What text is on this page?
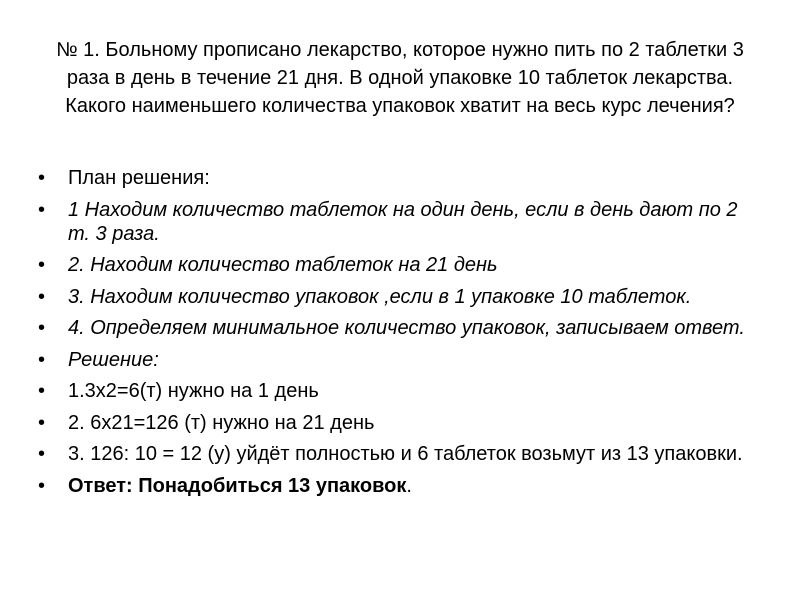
№ 1. Больному прописано лекарство, которое нужно пить по 2 таблетки 3 раза в день в течение 21 дня. В одной упаковке 10 таблеток лекарства. Какого наименьшего количества упаковок хватит на весь курс лечения?
•	План решения:
•	1 Находим количество таблеток на один день, если в день дают по 2 т. 3 раза.
•	2. Находим количество таблеток на 21 день
•	3. Находим количество упаковок ,если в 1 упаковке 10 таблеток.
•	4. Определяем минимальное количество упаковок, записываем ответ.
•	Решение:
•	1.3х2=6(т) нужно на 1 день
•	2. 6х21=126 (т) нужно на 21 день
•	3. 126: 10 = 12 (у) уйдёт полностью и 6 таблеток возьмут из 13 упаковки.
•	Ответ: Понадобиться 13 упаковок.
